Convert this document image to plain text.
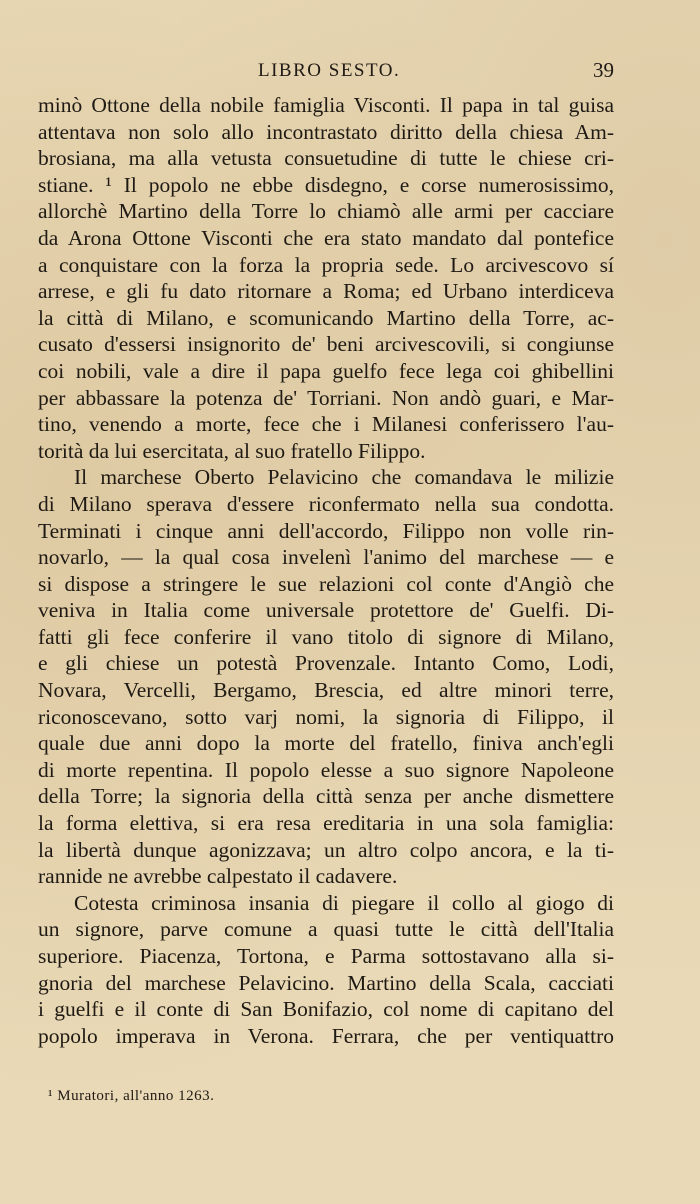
LIBRO SESTO.	39
minò Ottone della nobile famiglia Visconti. Il papa in tal guisa
attentava non solo allo incontrastato diritto della chiesa Am-
brosiana, ma alla vetusta consuetudine di tutte le chiese cri-
stiane. ¹ Il popolo ne ebbe disdegno, e corse numerosissimo,
allorchè Martino della Torre lo chiamò alle armi per cacciare
da Arona Ottone Visconti che era stato mandato dal pontefice
a conquistare con la forza la propria sede. Lo arcivescovo sí
arrese, e gli fu dato ritornare a Roma; ed Urbano interdiceva
la città di Milano, e scomunicando Martino della Torre, ac-
cusato d'essersi insignorito de' beni arcivescovili, si congiunse
coi nobili, vale a dire il papa guelfo fece lega coi ghibellini
per abbassare la potenza de' Torriani. Non andò guari, e Mar-
tino, venendo a morte, fece che i Milanesi conferissero l'au-
torità da lui esercitata, al suo fratello Filippo.
Il marchese Oberto Pelavicino che comandava le milizie
di Milano sperava d'essere riconfermato nella sua condotta.
Terminati i cinque anni dell'accordo, Filippo non volle rin-
novarlo, — la qual cosa invelenì l'animo del marchese — e
si dispose a stringere le sue relazioni col conte d'Angiò che
veniva in Italia come universale protettore de' Guelfi. Di-
fatti gli fece conferire il vano titolo di signore di Milano,
e gli chiese un potestà Provenzale. Intanto Como, Lodi,
Novara, Vercelli, Bergamo, Brescia, ed altre minori terre,
riconoscevano, sotto varj nomi, la signoria di Filippo, il
quale due anni dopo la morte del fratello, finiva anch'egli
di morte repentina. Il popolo elesse a suo signore Napoleone
della Torre; la signoria della città senza per anche dismettere
la forma elettiva, si era resa ereditaria in una sola famiglia:
la libertà dunque agonizzava; un altro colpo ancora, e la ti-
rannide ne avrebbe calpestato il cadavere.
Cotesta criminosa insania di piegare il collo al giogo di
un signore, parve comune a quasi tutte le città dell'Italia
superiore. Piacenza, Tortona, e Parma sottostavano alla si-
gnoria del marchese Pelavicino. Martino della Scala, cacciati
i guelfi e il conte di San Bonifazio, col nome di capitano del
popolo imperava in Verona. Ferrara, che per ventiquattro
¹ Muratori, all'anno 1263.
